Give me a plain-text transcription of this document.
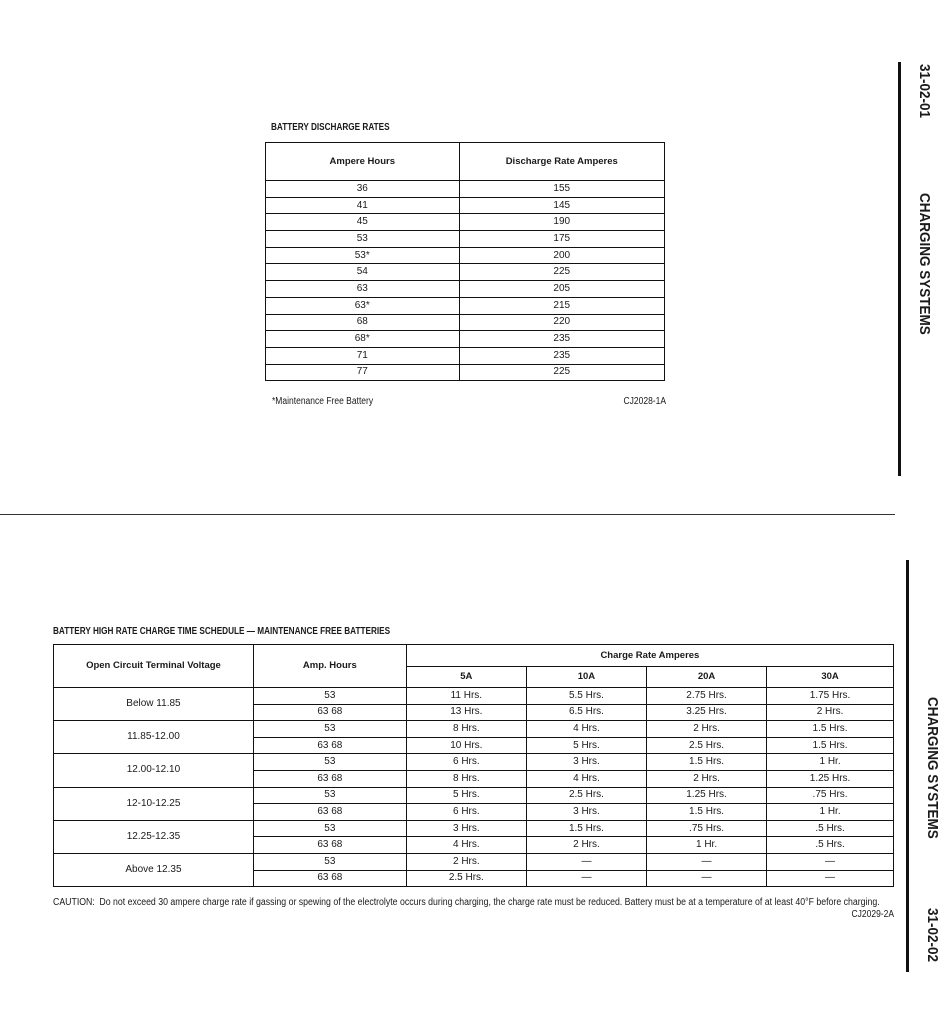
BATTERY DISCHARGE RATES
Ampere Hours	Discharge Rate Amperes
36	155
41	145
45	190
53	175
53*	200
54	225
63	205
63*	215
68	220
68*	235
71	235
77	225
*Maintenance Free Battery	CJ2028-1A
BATTERY HIGH RATE CHARGE TIME SCHEDULE — MAINTENANCE FREE BATTERIES
Open Circuit Terminal Voltage	Amp. Hours	Charge Rate Amperes			
		5A	10A	20A	30A
Below 11.85	53	11 Hrs.	5.5 Hrs.	2.75 Hrs.	1.75 Hrs.
	63 68	13 Hrs.	6.5 Hrs.	3.25 Hrs.	2 Hrs.
11.85-12.00	53	8 Hrs.	4 Hrs.	2 Hrs.	1.5 Hrs.
	63 68	10 Hrs.	5 Hrs.	2.5 Hrs.	1.5 Hrs.
12.00-12.10	53	6 Hrs.	3 Hrs.	1.5 Hrs.	1 Hr.
	63 68	8 Hrs.	4 Hrs.	2 Hrs.	1.25 Hrs.
12-10-12.25	53	5 Hrs.	2.5 Hrs.	1.25 Hrs.	.75 Hrs.
	63 68	6 Hrs.	3 Hrs.	1.5 Hrs.	1 Hr.
12.25-12.35	53	3 Hrs.	1.5 Hrs.	.75 Hrs.	.5 Hrs.
	63 68	4 Hrs.	2 Hrs.	1 Hr.	.5 Hrs.
Above 12.35	53	2 Hrs.	—	—	—
	63 68	2.5 Hrs.	—	—	—
CAUTION: Do not exceed 30 ampere charge rate if gassing or spewing of the electrolyte occurs during charging, the charge rate must be reduced. Battery must be at a temperature of at least 40°F before charging.
CJ2029-2A
31-02-01
CHARGING SYSTEMS
CHARGING SYSTEMS
31-02-02
